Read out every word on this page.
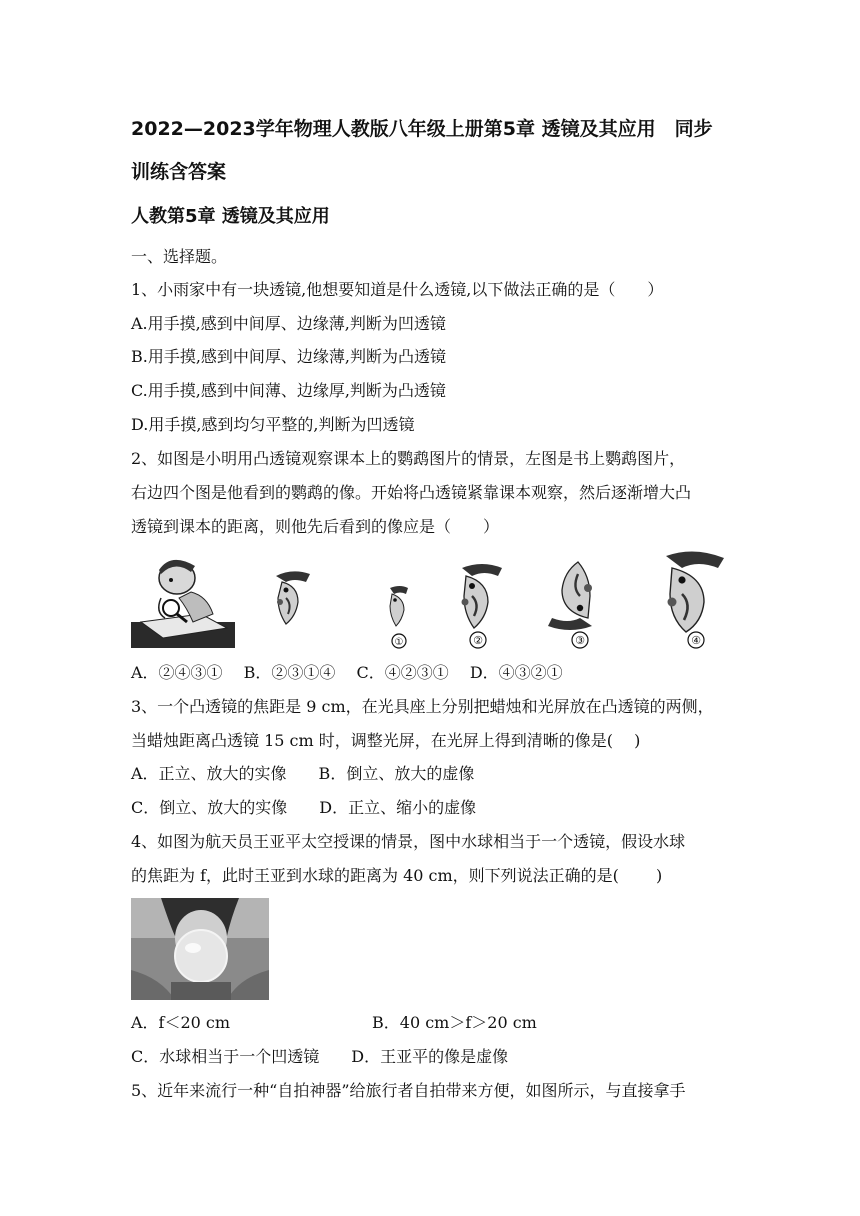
2022—2023学年物理人教版八年级上册第5章 透镜及其应用　同步
训练含答案
人教第5章 透镜及其应用
一、选择题。
1、小雨家中有一块透镜,他想要知道是什么透镜,以下做法正确的是（　　）
A.用手摸,感到中间厚、边缘薄,判断为凹透镜
B.用手摸,感到中间厚、边缘薄,判断为凸透镜
C.用手摸,感到中间薄、边缘厚,判断为凸透镜
D.用手摸,感到均匀平整的,判断为凹透镜
2、如图是小明用凸透镜观察课本上的鹦鹉图片的情景，左图是书上鹦鹉图片，
右边四个图是他看到的鹦鹉的像。开始将凸透镜紧靠课本观察，然后逐渐增大凸
透镜到课本的距离，则他先后看到的像应是（　　）
①	②	③	④
A．②④③①　 B．②③①④　 C．④②③①　 D．④③②①
3、一个凸透镜的焦距是 9 cm，在光具座上分别把蜡烛和光屏放在凸透镜的两侧，
当蜡烛距离凸透镜 15 cm 时，调整光屏，在光屏上得到清晰的像是(　 )
A．正立、放大的实像　　B．倒立、放大的虚像
C．倒立、放大的实像　　D．正立、缩小的虚像
4、如图为航天员王亚平太空授课的情景，图中水球相当于一个透镜，假设水球
的焦距为 f，此时王亚到水球的距离为 40 cm，则下列说法正确的是(　　 )
A．f＜20 cm	B．40 cm＞f＞20 cm
C．水球相当于一个凹透镜　　D．王亚平的像是虚像
5、近年来流行一种“自拍神器”给旅行者自拍带来方便，如图所示，与直接拿手
